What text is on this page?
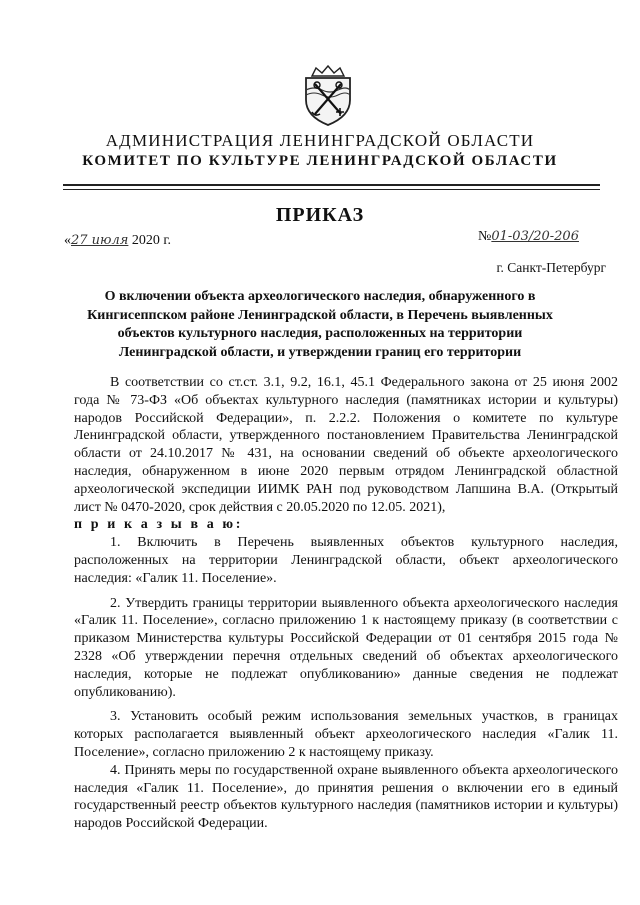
АДМИНИСТРАЦИЯ ЛЕНИНГРАДСКОЙ ОБЛАСТИ
КОМИТЕТ ПО КУЛЬТУРЕ ЛЕНИНГРАДСКОЙ ОБЛАСТИ
ПРИКАЗ
«27 июля 2020 г.	№01-03/20-206
г. Санкт-Петербург
О включении объекта археологического наследия, обнаруженного в Кингисеппском районе Ленинградской области, в Перечень выявленных объектов культурного наследия, расположенных на территории Ленинградской области, и утверждении границ его территории

В соответствии со ст.ст. 3.1, 9.2, 16.1, 45.1 Федерального закона от 25 июня 2002 года № 73-ФЗ «Об объектах культурного наследия (памятниках истории и культуры) народов Российской Федерации», п. 2.2.2. Положения о комитете по культуре Ленинградской области, утвержденного постановлением Правительства Ленинградской области от 24.10.2017 № 431, на основании сведений об объекте археологического наследия, обнаруженном в июне 2020 первым отрядом Ленинградской областной археологической экспедиции ИИМК РАН под руководством Лапшина В.А. (Открытый лист № 0470-2020, срок действия с 20.05.2020 по 12.05. 2021),

п р и к а з ы в а ю:

1. Включить в Перечень выявленных объектов культурного наследия, расположенных на территории Ленинградской области, объект археологического наследия: «Галик 11. Поселение».

2. Утвердить границы территории выявленного объекта археологического наследия «Галик 11. Поселение», согласно приложению 1 к настоящему приказу (в соответствии с приказом Министерства культуры Российской Федерации от 01 сентября 2015 года № 2328 «Об утверждении перечня отдельных сведений об объектах археологического наследия, которые не подлежат опубликованию» данные сведения не подлежат опубликованию).

3. Установить особый режим использования земельных участков, в границах которых располагается выявленный объект археологического наследия «Галик 11. Поселение», согласно приложению 2 к настоящему приказу.

4. Принять меры по государственной охране выявленного объекта археологического наследия «Галик 11. Поселение», до принятия решения о включении его в единый государственный реестр объектов культурного наследия (памятников истории и культуры) народов Российской Федерации.
